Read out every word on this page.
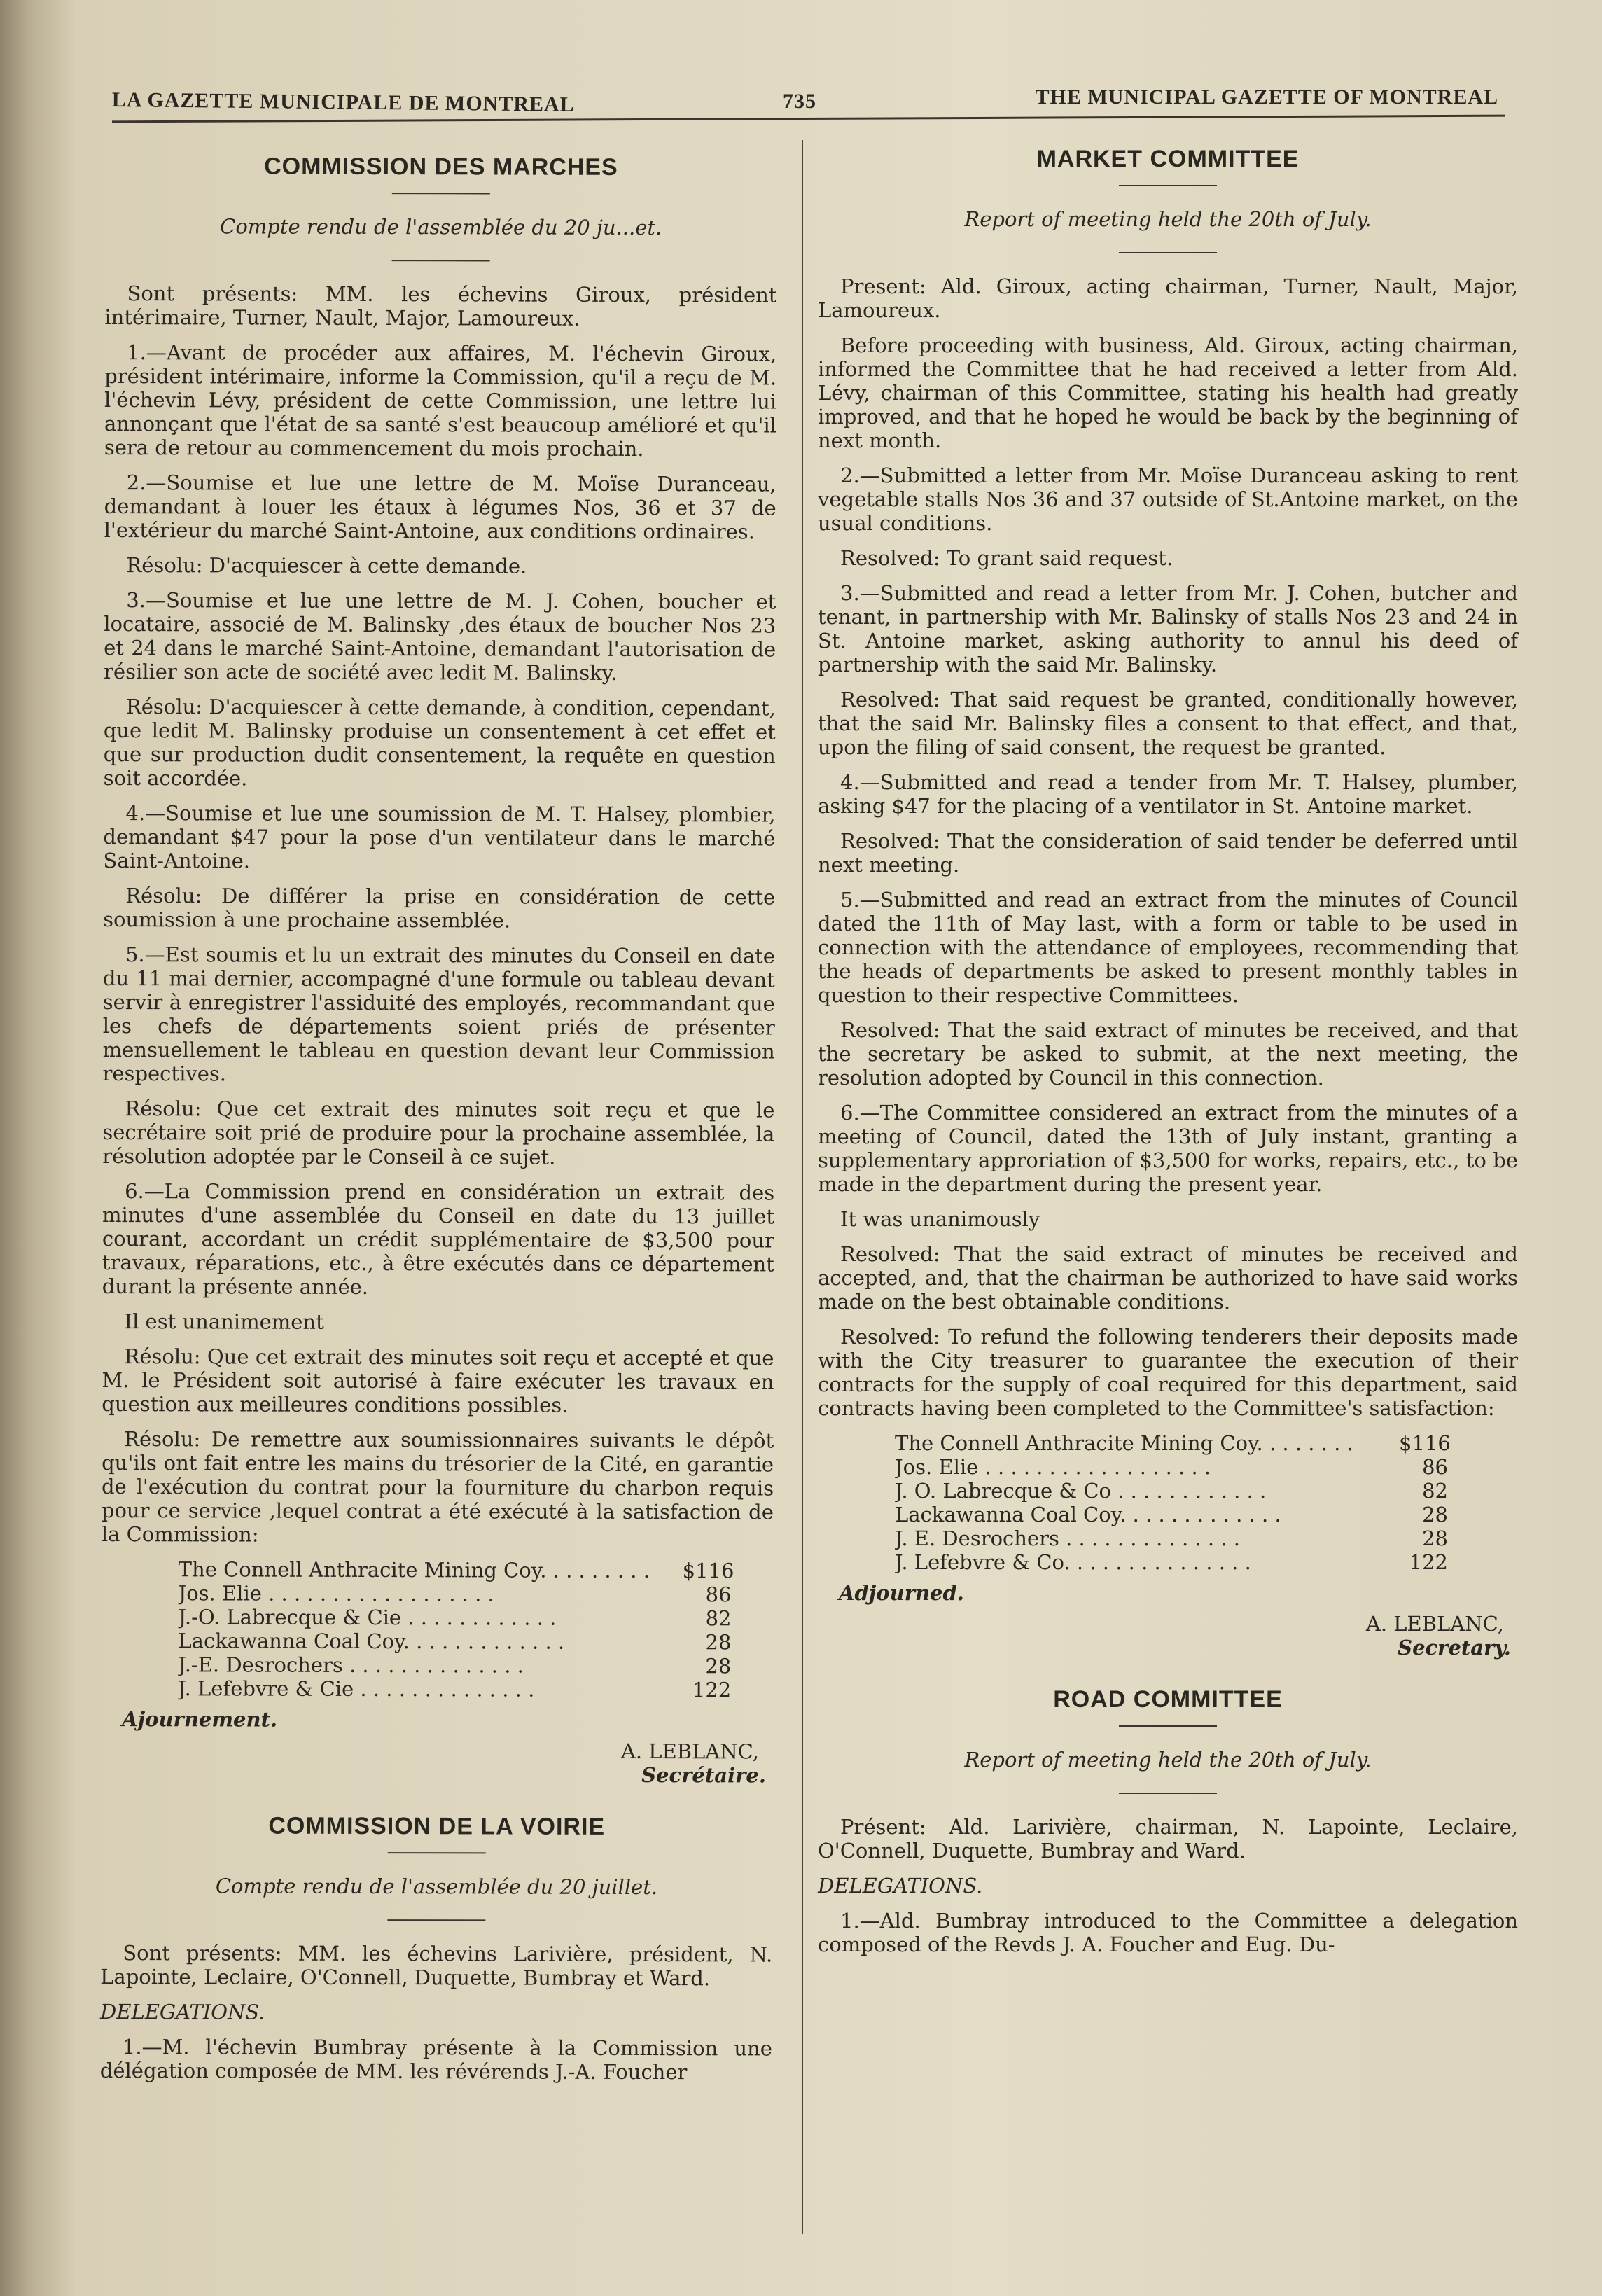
LA GAZETTE MUNICIPALE DE MONTREAL	735	THE MUNICIPAL GAZETTE OF MONTREAL
COMMISSION DES MARCHES
Compte rendu de l'assemblée du 20 ju...et.

Sont présents: MM. les échevins Giroux, président intérimaire, Turner, Nault, Major, Lamoureux.

1.—Avant de procéder aux affaires, M. l'échevin Giroux, président intérimaire, informe la Commission, qu'il a reçu de M. l'échevin Lévy, président de cette Commission, une lettre lui annonçant que l'état de sa santé s'est beaucoup amélioré et qu'il sera de retour au commencement du mois prochain.

2.—Soumise et lue une lettre de M. Moïse Duranceau, demandant à louer les étaux à légumes Nos, 36 et 37 de l'extérieur du marché Saint-Antoine, aux conditions ordinaires.

Résolu: D'acquiescer à cette demande.

3.—Soumise et lue une lettre de M. J. Cohen, boucher et locataire, associé de M. Balinsky ,des étaux de boucher Nos 23 et 24 dans le marché Saint-Antoine, demandant l'autorisation de résilier son acte de société avec ledit M. Balinsky.

Résolu: D'acquiescer à cette demande, à condition, cependant, que ledit M. Balinsky produise un consentement à cet effet et que sur production dudit consentement, la requête en question soit accordée.

4.—Soumise et lue une soumission de M. T. Halsey, plombier, demandant $47 pour la pose d'un ventilateur dans le marché Saint-Antoine.

Résolu: De différer la prise en considération de cette soumission à une prochaine assemblée.

5.—Est soumis et lu un extrait des minutes du Conseil en date du 11 mai dernier, accompagné d'une formule ou tableau devant servir à enregistrer l'assiduité des employés, recommandant que les chefs de départements soient priés de présenter mensuellement le tableau en question devant leur Commission respectives.

Résolu: Que cet extrait des minutes soit reçu et que le secrétaire soit prié de produire pour la prochaine assemblée, la résolution adoptée par le Conseil à ce sujet.

6.—La Commission prend en considération un extrait des minutes d'une assemblée du Conseil en date du 13 juillet courant, accordant un crédit supplémentaire de $3,500 pour travaux, réparations, etc., à être exécutés dans ce département durant la présente année.

Il est unanimement

Résolu: Que cet extrait des minutes soit reçu et accepté et que M. le Président soit autorisé à faire exécuter les travaux en question aux meilleures conditions possibles.

Résolu: De remettre aux soumissionnaires suivants le dépôt qu'ils ont fait entre les mains du trésorier de la Cité, en garantie de l'exécution du contrat pour la fourniture du charbon requis pour ce service ,lequel contrat a été exécuté à la satisfaction de la Commission:

The Connell Anthracite Mining Coy. . . . . . . . .	$116
Jos. Elie . . . . . . . . . . . . . . . . . .	86
J.-O. Labrecque & Cie . . . . . . . . . . . .	82
Lackawanna Coal Coy. . . . . . . . . . . . .	28
J.-E. Desrochers . . . . . . . . . . . . . .	28
J. Lefebvre & Cie . . . . . . . . . . . . . .	122
Ajournement.
A. LEBLANC,
Secrétaire.
COMMISSION DE LA VOIRIE
Compte rendu de l'assemblée du 20 juillet.

Sont présents: MM. les échevins Larivière, président, N. Lapointe, Leclaire, O'Connell, Duquette, Bumbray et Ward.

DELEGATIONS.

1.—M. l'échevin Bumbray présente à la Commission une délégation composée de MM. les révérends J.-A. Foucher

MARKET COMMITTEE
Report of meeting held the 20th of July.

Present: Ald. Giroux, acting chairman, Turner, Nault, Major, Lamoureux.

Before proceeding with business, Ald. Giroux, acting chairman, informed the Committee that he had received a letter from Ald. Lévy, chairman of this Committee, stating his health had greatly improved, and that he hoped he would be back by the beginning of next month.

2.—Submitted a letter from Mr. Moïse Duranceau asking to rent vegetable stalls Nos 36 and 37 outside of St.Antoine market, on the usual conditions.

Resolved: To grant said request.

3.—Submitted and read a letter from Mr. J. Cohen, butcher and tenant, in partnership with Mr. Balinsky of stalls Nos 23 and 24 in St. Antoine market, asking authority to annul his deed of partnership with the said Mr. Balinsky.

Resolved: That said request be granted, conditionally however, that the said Mr. Balinsky files a consent to that effect, and that, upon the filing of said consent, the request be granted.

4.—Submitted and read a tender from Mr. T. Halsey, plumber, asking $47 for the placing of a ventilator in St. Antoine market.

Resolved: That the consideration of said tender be deferred until next meeting.

5.—Submitted and read an extract from the minutes of Council dated the 11th of May last, with a form or table to be used in connection with the attendance of employees, recommending that the heads of departments be asked to present monthly tables in question to their respective Committees.

Resolved: That the said extract of minutes be received, and that the secretary be asked to submit, at the next meeting, the resolution adopted by Council in this connection.

6.—The Committee considered an extract from the minutes of a meeting of Council, dated the 13th of July instant, granting a supplementary approriation of $3,500 for works, repairs, etc., to be made in the department during the present year.

It was unanimously

Resolved: That the said extract of minutes be received and accepted, and, that the chairman be authorized to have said works made on the best obtainable conditions.

Resolved: To refund the following tenderers their deposits made with the City treasurer to guarantee the execution of their contracts for the supply of coal required for this department, said contracts having been completed to the Committee's satisfaction:

The Connell Anthracite Mining Coy. . . . . . . .	$116
Jos. Elie . . . . . . . . . . . . . . . . . .	86
J. O. Labrecque & Co . . . . . . . . . . . .	82
Lackawanna Coal Coy. . . . . . . . . . . . .	28
J. E. Desrochers . . . . . . . . . . . . . .	28
J. Lefebvre & Co. . . . . . . . . . . . . . .	122
Adjourned.
A. LEBLANC,
Secretary.
ROAD COMMITTEE
Report of meeting held the 20th of July.

Présent: Ald. Larivière, chairman, N. Lapointe, Leclaire, O'Connell, Duquette, Bumbray and Ward.

DELEGATIONS.

1.—Ald. Bumbray introduced to the Committee a delegation composed of the Revds J. A. Foucher and Eug. Du-
